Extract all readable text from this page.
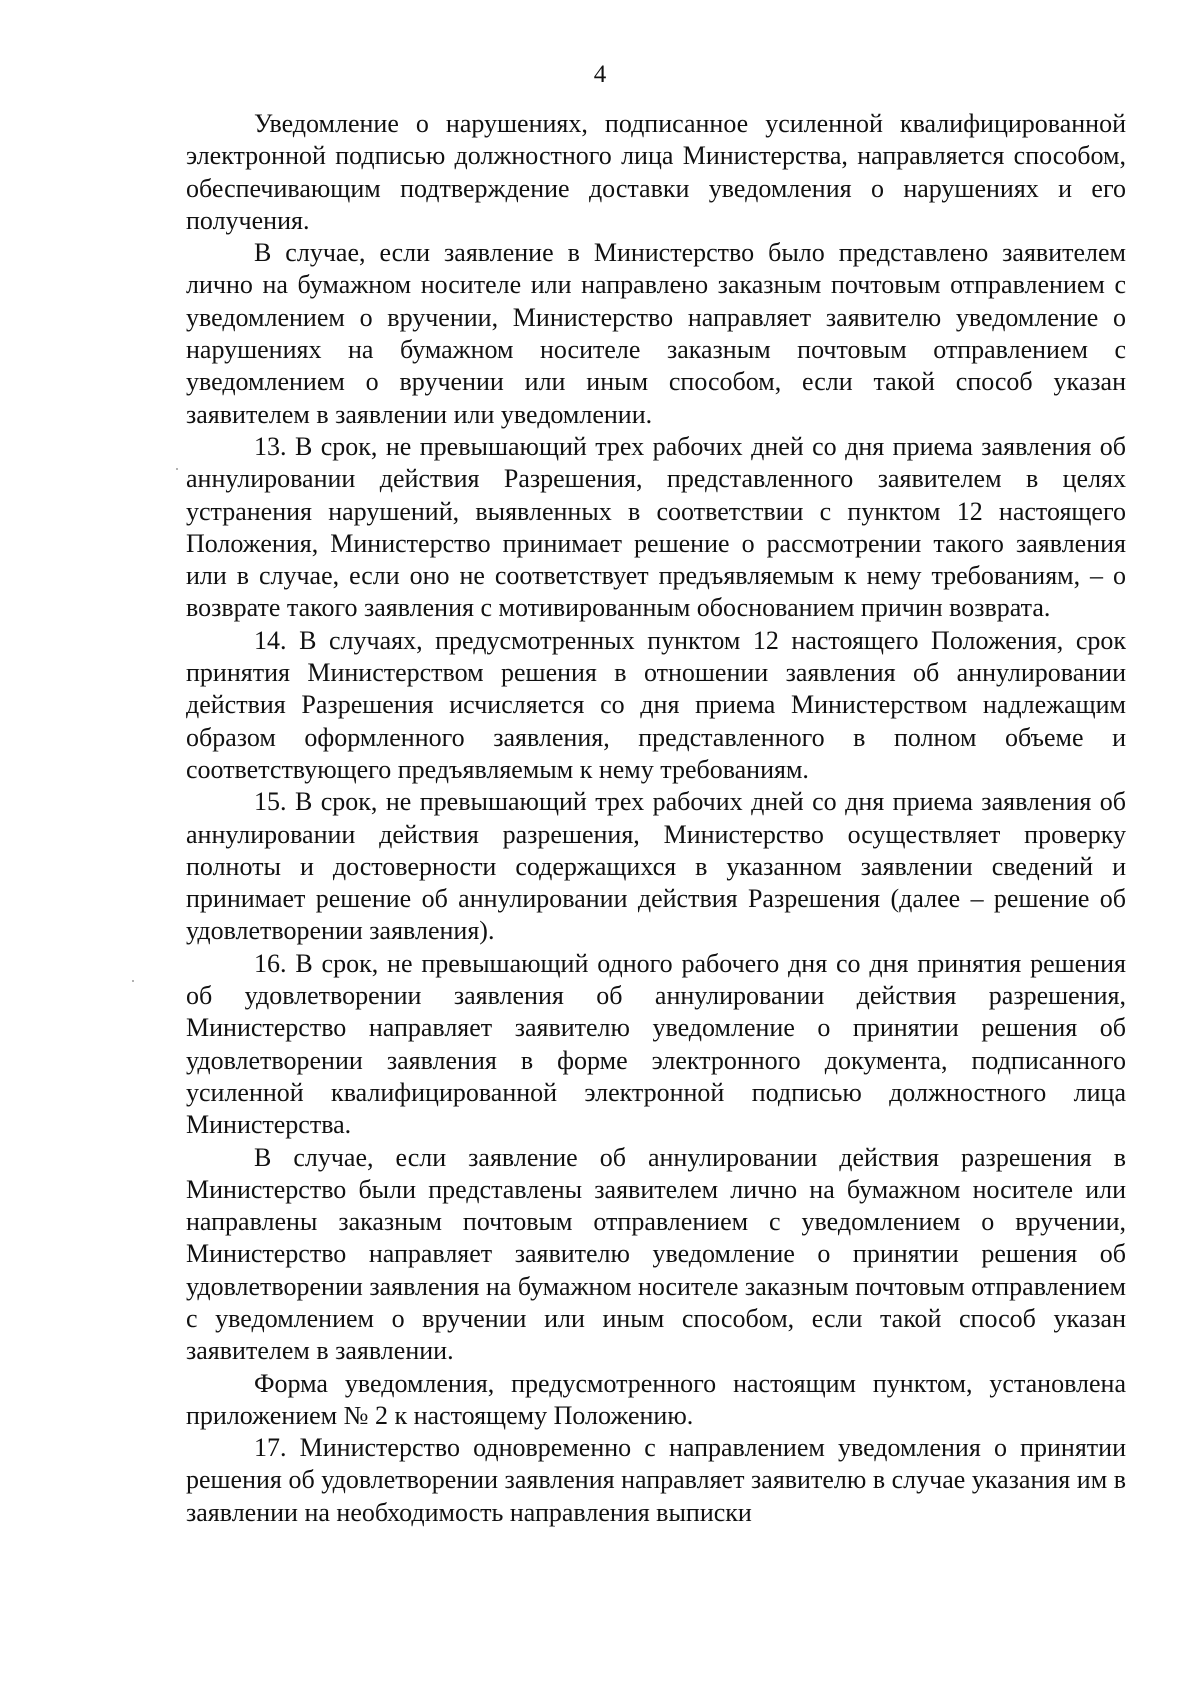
4

Уведомление о нарушениях, подписанное усиленной квалифицированной электронной подписью должностного лица Министерства, направляется способом, обеспечивающим подтверждение доставки уведомления о нарушениях и его получения.

В случае, если заявление в Министерство было представлено заявителем лично на бумажном носителе или направлено заказным почтовым отправлением с уведомлением о вручении, Министерство направляет заявителю уведомление о нарушениях на бумажном носителе заказным почтовым отправлением с уведомлением о вручении или иным способом, если такой способ указан заявителем в заявлении или уведомлении.

13. В срок, не превышающий трех рабочих дней со дня приема заявления об аннулировании действия Разрешения, представленного заявителем в целях устранения нарушений, выявленных в соответствии с пунктом 12 настоящего Положения, Министерство принимает решение о рассмотрении такого заявления или в случае, если оно не соответствует предъявляемым к нему требованиям, – о возврате такого заявления с мотивированным обоснованием причин возврата.

14. В случаях, предусмотренных пунктом 12 настоящего Положения, срок принятия Министерством решения в отношении заявления об аннулировании действия Разрешения исчисляется со дня приема Министерством надлежащим образом оформленного заявления, представленного в полном объеме и соответствующего предъявляемым к нему требованиям.

15. В срок, не превышающий трех рабочих дней со дня приема заявления об аннулировании действия разрешения, Министерство осуществляет проверку полноты и достоверности содержащихся в указанном заявлении сведений и принимает решение об аннулировании действия Разрешения (далее – решение об удовлетворении заявления).

16. В срок, не превышающий одного рабочего дня со дня принятия решения об удовлетворении заявления об аннулировании действия разрешения, Министерство направляет заявителю уведомление о принятии решения об удовлетворении заявления в форме электронного документа, подписанного усиленной квалифицированной электронной подписью должностного лица Министерства.

В случае, если заявление об аннулировании действия разрешения в Министерство были представлены заявителем лично на бумажном носителе или направлены заказным почтовым отправлением с уведомлением о вручении, Министерство направляет заявителю уведомление о принятии решения об удовлетворении заявления на бумажном носителе заказным почтовым отправлением с уведомлением о вручении или иным способом, если такой способ указан заявителем в заявлении.

Форма уведомления, предусмотренного настоящим пунктом, установлена приложением № 2 к настоящему Положению.

17. Министерство одновременно с направлением уведомления о принятии решения об удовлетворении заявления направляет заявителю в случае указания им в заявлении на необходимость направления выписки
